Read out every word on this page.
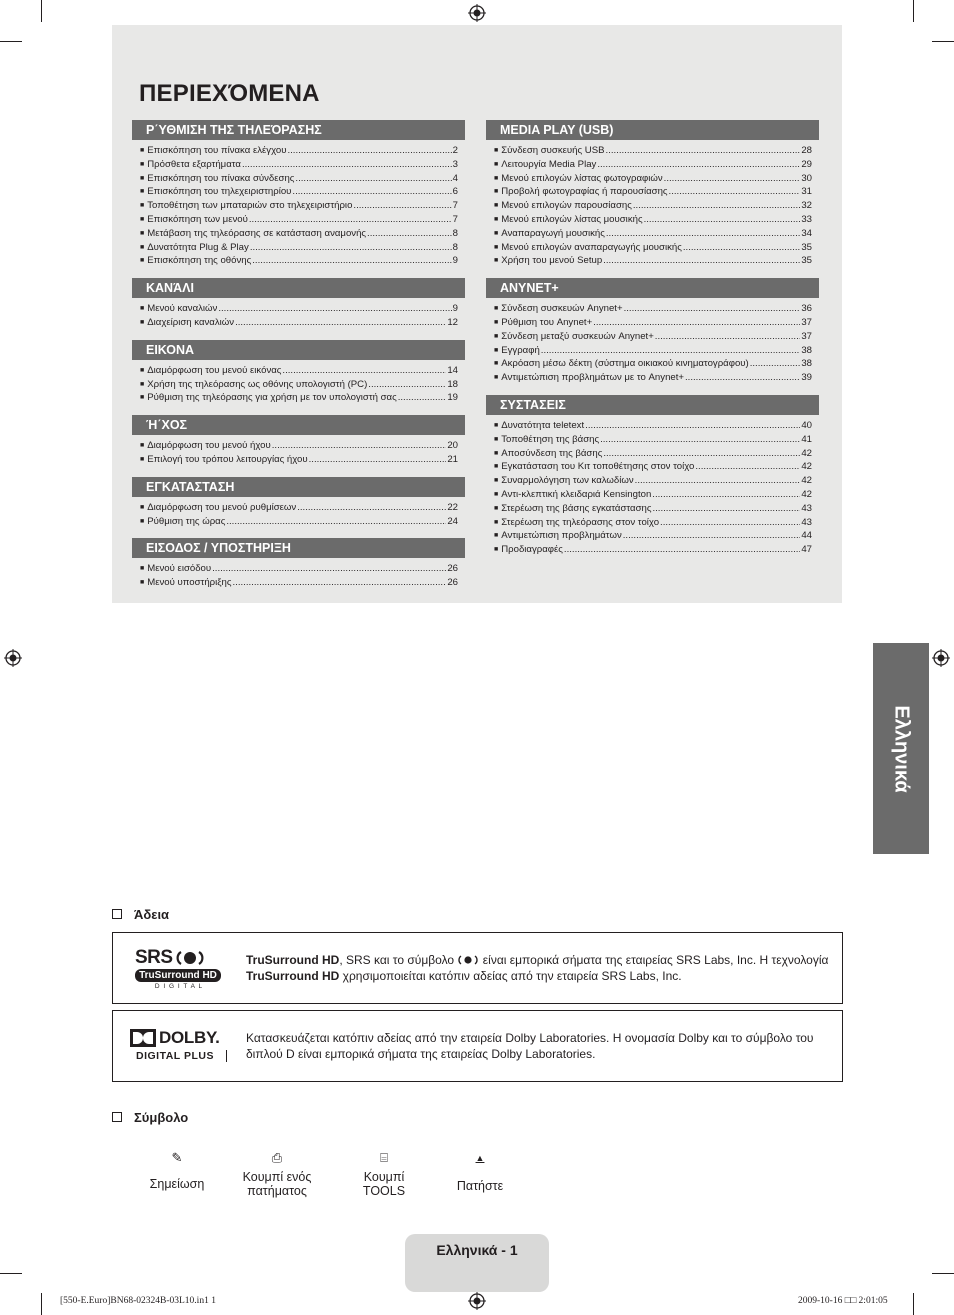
ΠΕΡΙΕΧΌΜΕΝΑ
Ρ΄ΥΘΜΙΣΗ ΤΗΣ ΤΗΛΕΌΡΑΣΗΣ
■ Επισκόπηση του πίνακα ελέγχου .....	2
■ Πρόσθετα εξαρτήματα .....	3
■ Επισκόπηση του πίνακα σύνδεσης .....	4
■ Επισκόπηση του τηλεχειριστηρίου .....	6
■ Τοποθέτηση των μπαταριών στο τηλεχειριστήριο .....	7
■ Επισκόπηση των μενού .....	7
■ Μετάβαση της τηλεόρασης σε κατάσταση αναμονής .....	8
■ Δυνατότητα Plug & Play .....	8
■ Επισκόπηση της οθόνης .....	9
ΚΑΝΆΛΙ
■ Μενού καναλιών .....	9
■ Διαχείριση καναλιών .....	12
ΕΙΚΟΝΑ
■ Διαμόρφωση του μενού εικόνας .....	14
■ Χρήση της τηλεόρασης ως οθόνης υπολογιστή (PC) .....	18
■ Ρύθμιση της τηλεόρασης για χρήση με τον υπολογιστή σας .....	19
Ή΄ΧΟΣ
■ Διαμόρφωση του μενού ήχου .....	20
■ Επιλογή του τρόπου λειτουργίας ήχου .....	21
ΕΓΚΑΤΑΣΤΑΣΗ
■ Διαμόρφωση του μενού ρυθμίσεων .....	22
■ Ρύθμιση της ώρας .....	24
ΕΙΣΟΔΟΣ / ΥΠΟΣΤΗΡΙΞΗ
■ Μενού εισόδου .....	26
■ Μενού υποστήριξης .....	26
MEDIA PLAY (USB)
■ Σύνδεση συσκευής USB .....	28
■ Λειτουργία Media Play .....	29
■ Μενού επιλογών λίστας φωτογραφιών .....	30
■ Προβολή φωτογραφίας ή παρουσίασης .....	31
■ Μενού επιλογών παρουσίασης .....	32
■ Μενού επιλογών λίστας μουσικής .....	33
■ Αναπαραγωγή μουσικής .....	34
■ Μενού επιλογών αναπαραγωγής μουσικής .....	35
■ Χρήση του μενού Setup .....	35
ANYNET+
■ Σύνδεση συσκευών Anynet+ .....	36
■ Ρύθμιση του Anynet+ .....	37
■ Σύνδεση μεταξύ συσκευών Anynet+ .....	37
■ Εγγραφή .....	38
■ Ακρόαση μέσω δέκτη (σύστημα οικιακού κινηματογράφου) .....	38
■ Αντιμετώπιση προβλημάτων με το Anynet+ .....	39
ΣΥΣΤΑΣΕΙΣ
■ Δυνατότητα teletext .....	40
■ Τοποθέτηση της βάσης .....	41
■ Αποσύνδεση της βάσης .....	42
■ Εγκατάσταση του Κιτ τοποθέτησης στον τοίχο .....	42
■ Συναρμολόγηση των καλωδίων .....	42
■ Αντι-κλεπτική κλειδαριά Kensington .....	42
■ Στερέωση της βάσης εγκατάστασης .....	43
■ Στερέωση της τηλεόρασης στον τοίχο .....	43
■ Αντιμετώπιση προβλημάτων .....	44
■ Προδιαγραφές .....	47
Ελληνικά
Άδεια
SRS
TruSurround HD
D I G I T A L
TruSurround HD, SRS και το σύμβολο είναι εμπορικά σήματα της εταιρείας SRS Labs, Inc. Η τεχνολογία
TruSurround HD χρησιμοποιείται κατόπιν αδείας από την εταιρεία SRS Labs, Inc.
DOLBY.
DIGITAL PLUS
Κατασκευάζεται κατόπιν αδείας από την εταιρεία Dolby Laboratories. Η ονομασία Dolby και το σύμβολο του διπλού D είναι εμπορικά σήματα της εταιρείας Dolby Laboratories.
Σύμβολο
✎
Σημείωση
⎙
Κουμπί ενός
πατήματος
⌸
Κουμπί
TOOLS
▲
Πατήστε
Ελληνικά - 1
[550-E.Euro]BN68-02324B-03L10.in1 1	2009-10-16 □□ 2:01:05
